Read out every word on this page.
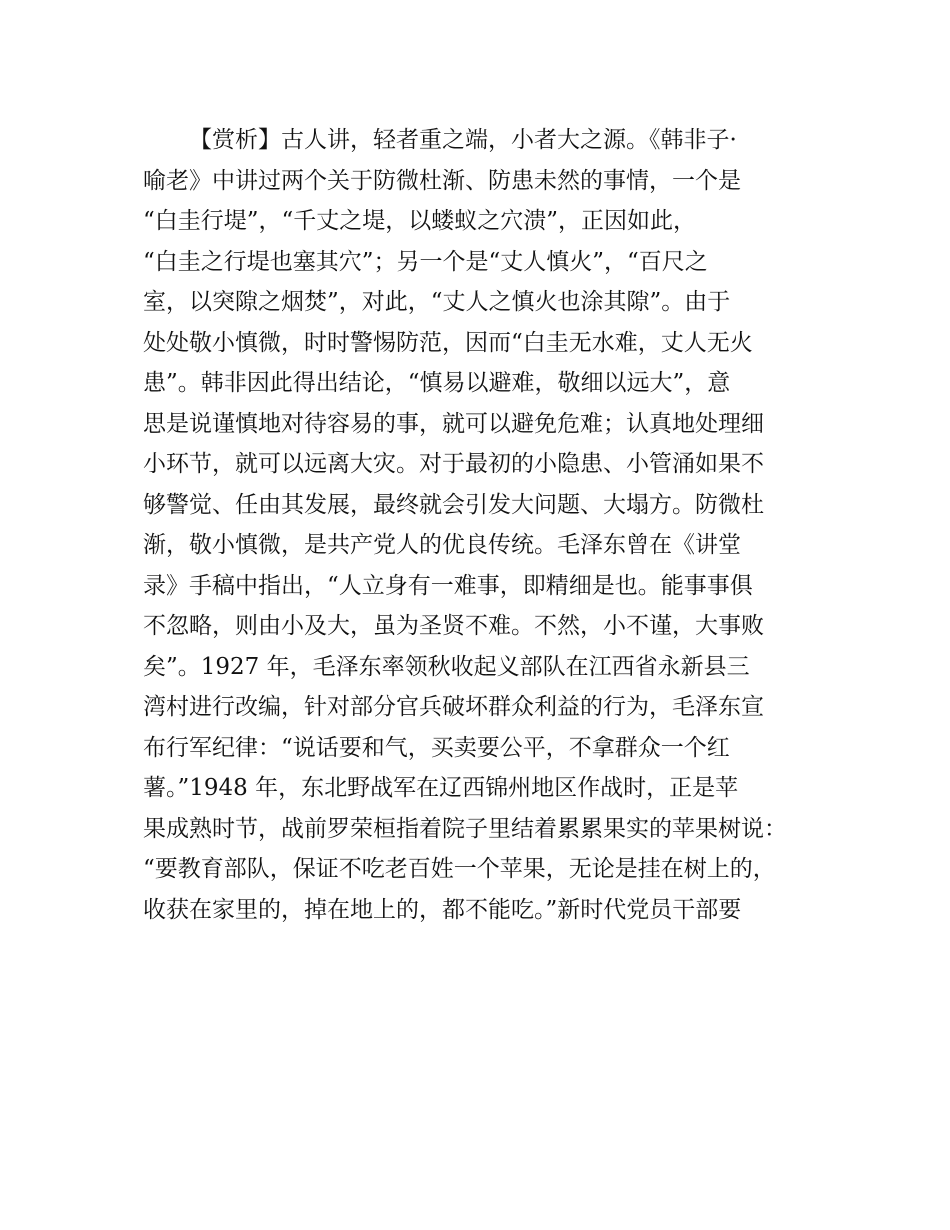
【赏析】古人讲，轻者重之端，小者大之源。《韩非子·
喻老》中讲过两个关于防微杜渐、防患未然的事情，一个是
“白圭行堤”，“千丈之堤，以蝼蚁之穴溃”，正因如此，
“白圭之行堤也塞其穴”；另一个是“丈人慎火”，“百尺之
室，以突隙之烟焚”，对此，“丈人之慎火也涂其隙”。由于
处处敬小慎微，时时警惕防范，因而“白圭无水难，丈人无火
患”。韩非因此得出结论，“慎易以避难，敬细以远大”，意
思是说谨慎地对待容易的事，就可以避免危难；认真地处理细
小环节，就可以远离大灾。对于最初的小隐患、小管涌如果不
够警觉、任由其发展，最终就会引发大问题、大塌方。防微杜
渐，敬小慎微，是共产党人的优良传统。毛泽东曾在《讲堂
录》手稿中指出，“人立身有一难事，即精细是也。能事事俱
不忽略，则由小及大，虽为圣贤不难。不然，小不谨，大事败
矣”。1927 年，毛泽东率领秋收起义部队在江西省永新县三
湾村进行改编，针对部分官兵破坏群众利益的行为，毛泽东宣
布行军纪律：“说话要和气，买卖要公平，不拿群众一个红
薯。”1948 年，东北野战军在辽西锦州地区作战时，正是苹
果成熟时节，战前罗荣桓指着院子里结着累累果实的苹果树说：
“要教育部队，保证不吃老百姓一个苹果，无论是挂在树上的，
收获在家里的，掉在地上的，都不能吃。”新时代党员干部要
